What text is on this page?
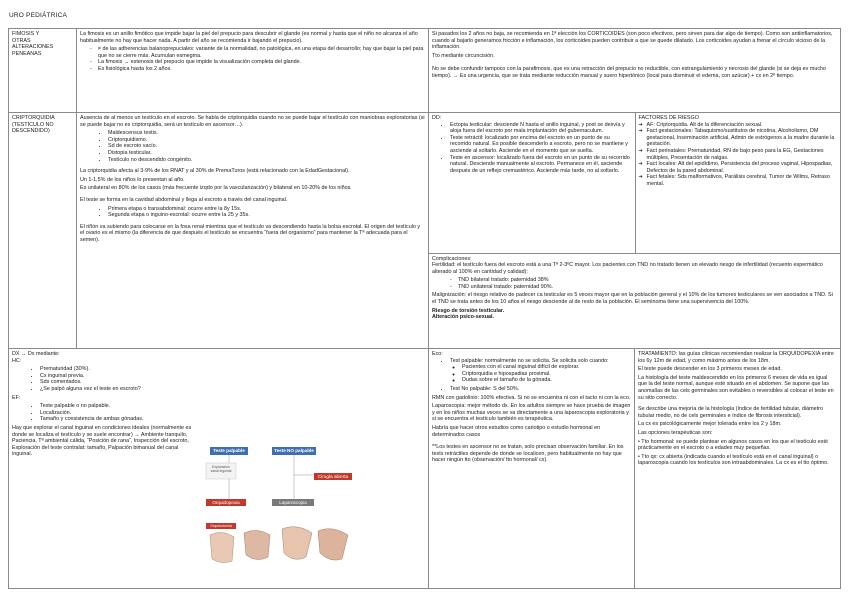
URO PEDIÁTRICA
FIMOSIS Y
OTRAS
ALTERACIONES
PENEANAS

La fimosis es un anillo fimótico que impide bajar la piel del prepucio para descubrir el glande (es normal y hasta que el niño no alcanza el año habitualmente no hay que hacer nada. A partir del año se recomienda ir bajando el prepucio).

- ≠ de las adherencias balanoprepuciales: variante de la normalidad, no patológica, en una etapa del desarrollo; hay que bajar la piel para que no se cierre más. Acumulan esmegma.
- La fimosis → estenosis del prepucio que impide la visualización completa del glande.
- Es fisiológica hasta los 2 años.

Si pasados los 2 años no baja, se recomienda en 1ª elección los CORTICOIDES (son poco efectivos, pero sirven para dar algo de tiempo). Como son antiinflamatorios, cuando al bajarlo generamos fricción e inflamación, los corticoides pueden contribuir a que se quede dilatado. Los corticoides ayudan a frenar el círculo vicioso de la inflamación.

Tto mediante circuncisión.

No se debe confundir tampoco con la parafimosis, que es una retracción del prepucio no reductible, con estrangulamiento y necrosis del glande (si se deja ev mucho tiempo). → Es una urgencia, que se trata mediante reducción manual y suero hipertónico (local para disminuir el edema, con azúcar) + cx en 2º tiempo.

CRIPTORQUIDIA
(TESTÍCULO NO
DESCENDIDO)

Ausencia de al menos un testículo en el escroto. Se habla de criptorquidia cuando no se puede bajar el testículo con maniobras exploratorias (si se puede bajar no es criptorquidia, será un testículo en ascensor…).

• Maldescensus testis.
• Criptorquidismo.
• Sd de escroto vacío.
• Distopia testicular.
• Testículo no descendido congénito.

La criptorquidia afecta al 3-9% de los RNAT y al 30% de PremaTuros (está relacionado con la EdadGestacional).

Un 1-1,5% de los niños lo presentan al año.

Es unilateral en 80% de los casos (más frecuente izqdo por la vascularización) y bilateral en 10-20% de los niños.

El teste se forma en la cavidad abdominal y llega al escroto a través del canal inguinal.

• Primera etapa o transabdominal: ocurre entre la 8y 15s.
• Segunda etapa o inguino-escrotal: ocurre entre la 25 y 35s.

El riñón va subiendo para colocarse en la fosa renal mientras que el testículo va descendiendo hasta la bolsa escrotal. El origen del testículo y el ovario es el mismo (la diferencia de que después el testículo se encuentra “fuera del organismo” para mantener la Tª adecuada para el semen).

DD:
• Ectopia testicular: desciende N hasta el anillo inguinal, y post se desvía y aloja fuera del escroto por mala implantación del gubernaculum.
• Teste retráctil: localizado por encima del escroto en un punto de su recorrido natural. Es posible descenderlo a escroto, pero no se mantiene y asciende al soltarlo. Asciende en el momento que se suelta.
• Teste en ascensor: localizado fuera del escroto en un punto de su recorrido natural. Desciende manualmente al escroto. Permanece en él, asciende después de un reflejo cremastérico. Asciende más tarde, no al soltarlo.

FACTORES DE RIESGO
➔ AF: Criptorquidia. Alt de la diferenciación sexual.
➔ Fact gestacionales: Tabaquismo/sustitutos de nicotina, Alcoholismo, DM gestacional, Inseminación artificial, Admin de estrógenos a la madre durante la gestación.
➔ Fact perinatales: Prematuridad, RN de bajo peso para la EG, Gestaciones múltiples, Presentación de nalgas.
➔ Fact locales: Alt del epidídimo, Persistencia del proceso vaginal, Hipospadias, Defectos de la pared abdominal.
➔ Fact fetales: Sds malformativos, Parálisis cerebral, Tumor de Wilms, Retraso mental.

Complicaciones:

Fertilidad: el testículo fuera del escroto está a una Tª 2-3ºC mayor. Los pacientes con TND no tratado tienen un elevado riesgo de infertilidad (recuento espermático alterado al 100% en cantidad y calidad):

- TND bilateral tratado: paternidad 38%
- TND unilateral tratado: paternidad 90%.

Malignización: el riesgo relativo de padecer ca testicular es 5 veces mayor que en la población general y el 10% de los tumores testiculares se ven asociados a TND. Si el TND se trata antes de los 10 años el riesgo desciende al de resto de la población. El seminoma tiene una supervivencia del 100%.

Riesgo de torsión testicular.

Alteración psico-sexual.

DX → Dx mediante:
HC:
• Prematuridad (30%).
• Cx inguinal previa.
• Sds comentados.
• ¿Se palpó alguna vez el teste en escroto?
EF:
• Teste palpable o no palpable.
• Localización.
• Tamaño y consistencia de ambas gónadas.

Hay que explorar el canal inguinal en condiciones ideales (normalmente es donde se localiza el testículo y se suele encontrar) → Ambiente tranquilo, Paciencia, Tª ambiental cálida, “Posición de rana”, Inspección del escroto, Exploración del teste contralat: tamaño, Palpación bimanual del canal inguinal.

Teste palpable	Teste NO palpable
Exploración canal inguinal
Cirugía abierta
Orquidopexia	Laparoscopia
Orquiectomía

Eco:
• Test palpable: normalmente no se solicita. Se solicita solo cuando:
◦ Pacientes con el canal inguinal difícil de explorar.
◦ Criptorquidia e hipospadias proximal.
◦ Dudas sobre el tamaño de la gónada.
• Test No palpable: S del 50%.

RMN con gadolinio: 100% efectiva. Si no se encuentra ni con el tacto ni con la eco.

Laparoscopia: mejor método dx. En los adultos siempre se hace prueba de imagen y en los niños muchas veces se va directamente a una laparoscopia exploratoria y si se encuentra el testículo también es terapéutica.

Habría que hacer otros estudios como cariotipo o estudio hormonal en determinados casos

**Los testes en ascensor no se tratan, solo precisan observación familiar. En los tests retráctiles depende de donde se localicen, pero habitualmente no hay que hacer ningún tto (observación/ tto hormonal/ cx).

TRATAMIENTO: las guías clínicas recomiendan realizar la ORQUIDOPEXIA entre los 6y 12m de edad, y como máximo antes de los 18m.

El teste puede descender en los 3 primeros meses de edad.

La histología del teste maldescendido en los primeros 6 meses de vida es igual que la del teste normal, aunque esté situado en el abdomen. Se supone que las anomalías de las cels germinales son evitables o reversibles al colocar el teste en su sitio correcto.

Se describe una mejoría de la histología (índice de fertilidad tubular, diámetro tubular medio, no de cels germinales e índice de fibrosis intersticial).

La cx es psicológicamente mejor tolerada entre los 2 y 18m.

Las opciones terapéuticas son:

• Tto hormonal: se puede plantear en algunos casos en los que el testículo esté prácticamente en el escroto o a edades muy pequeñas.

• Tto qx: cx abierta (indicada cuando el testículo está en el canal inguinal) o laparoscopia cuando los testículos son intraabdominales. La cx es el tto óptimo.
